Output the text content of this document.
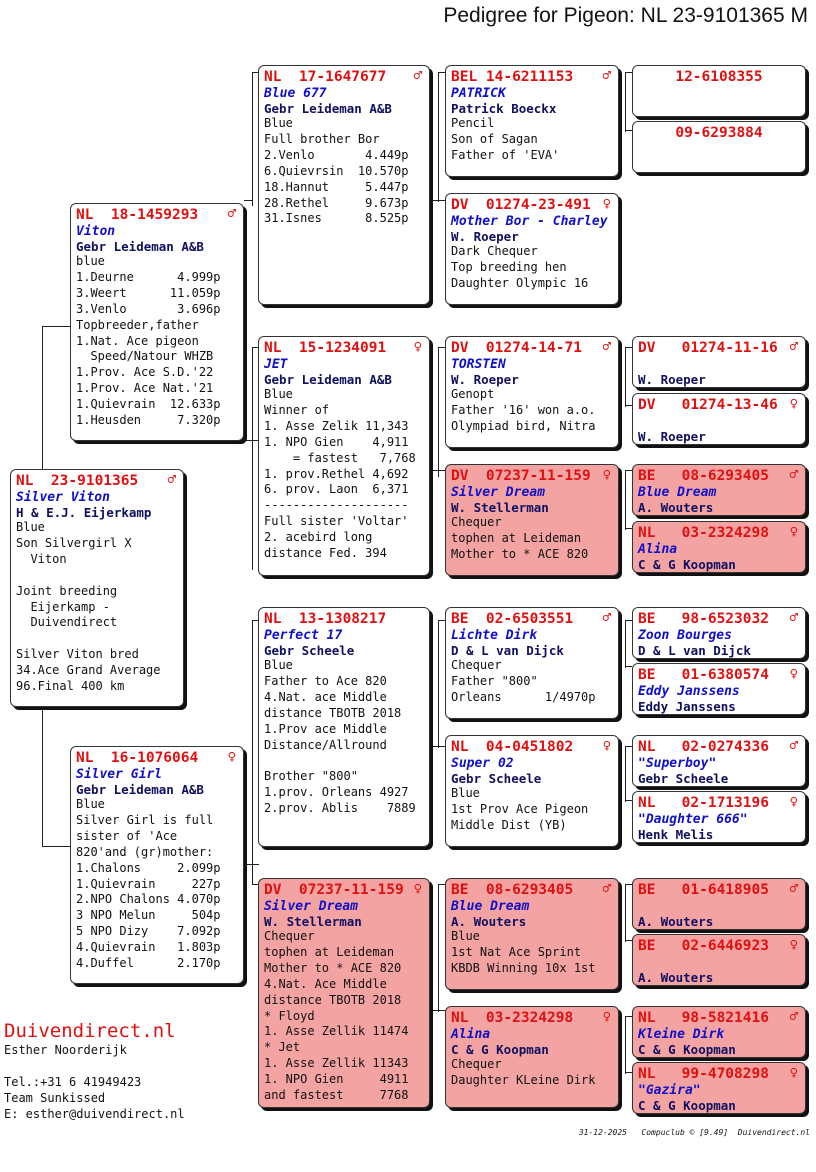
Pedigree for Pigeon: NL 23-9101365 M
NL  23-9101365	♂
Silver Viton
H & E.J. Eijerkamp
Blue
Son Silvergirl X
Viton

Joint breeding
Eijerkamp -
Duivendirect

Silver Viton bred
34.Ace Grand Average
96.Final 400 km
NL  18-1459293	♂
Viton
Gebr Leideman A&B
blue
1.Deurne      4.999p
3.Weert      11.059p
3.Venlo       3.696p
Topbreeder,father
1.Nat. Ace pigeon
Speed/Natour WHZB
1.Prov. Ace S.D.'22
1.Prov. Ace Nat.'21
1.Quievrain  12.633p
1.Heusden     7.320p
NL  16-1076064	♀
Silver Girl
Gebr Leideman A&B
Blue
Silver Girl is full
sister of 'Ace
820'and (gr)mother:
1.Chalons     2.099p
1.Quievrain     227p
2.NPO Chalons 4.070p
3 NPO Melun     504p
5 NPO Dizy    7.092p
4.Quievrain   1.803p
4.Duffel      2.170p
NL  17-1647677	♂
Blue 677
Gebr Leideman A&B
Blue
Full brother Bor
2.Venlo       4.449p
6.Quievrsin  10.570p
18.Hannut     5.447p
28.Rethel     9.673p
31.Isnes      8.525p
NL  15-1234091	♀
JET
Gebr Leideman A&B
Blue
Winner of
1. Asse Zelik 11,343
1. NPO Gien    4,911
= fastest   7,768
1. prov.Rethel 4,692
6. prov. Laon  6,371
--------------------
Full sister 'Voltar'
2. acebird long
distance Fed. 394
NL  13-1308217
Perfect 17
Gebr Scheele
Blue
Father to Ace 820
4.Nat. ace Middle
distance TBOTB 2018
1.Prov ace Middle
Distance/Allround

Brother "800"
1.prov. Orleans 4927
2.prov. Ablis    7889
DV  07237-11-159 ♀
Silver Dream
W. Stellerman
Chequer
tophen at Leideman
Mother to * ACE 820
4.Nat. Ace Middle
distance TBOTB 2018
* Floyd
1. Asse Zellik 11474
* Jet
1. Asse Zellik 11343
1. NPO Gien     4911
and fastest     7768
BEL 14-6211153	♂
PATRICK
Patrick Boeckx
Pencil
Son of Sagan
Father of 'EVA'
DV  01274-23-491 ♀
Mother Bor - Charley
W. Roeper
Dark Chequer
Top breeding hen
Daughter Olympic 16
DV  01274-14-71	♂
TORSTEN
W. Roeper
Genopt
Father '16' won a.o.
Olympiad bird, Nitra
DV  07237-11-159 ♀
Silver Dream
W. Stellerman
Chequer
tophen at Leideman
Mother to * ACE 820
BE  02-6503551	♂
Lichte Dirk
D & L van Dijck
Chequer
Father "800"
Orleans      1/4970p
NL  04-0451802	♀
Super 02
Gebr Scheele
Blue
1st Prov Ace Pigeon
Middle Dist (YB)
BE  08-6293405	♂
Blue Dream
A. Wouters
Blue
1st Nat Ace Sprint
KBDB Winning 10x 1st
NL  03-2324298	♀
Alina
C & G Koopman
Chequer
Daughter KLeine Dirk
12-6108355
09-6293884
DV   01274-11-16 ♂

W. Roeper
DV   01274-13-46 ♀

W. Roeper
BE   08-6293405	♂
Blue Dream
A. Wouters
NL   03-2324298	♀
Alina
C & G Koopman
BE   98-6523032	♂
Zoon Bourges
D & L van Dijck
BE   01-6380574	♀
Eddy Janssens
Eddy Janssens
NL   02-0274336	♂
"Superboy"
Gebr Scheele
NL   02-1713196	♀
"Daughter 666"
Henk Melis
BE   01-6418905	♂

A. Wouters
BE   02-6446923	♀

A. Wouters
NL   98-5821416	♂
Kleine Dirk
C & G Koopman
NL   99-4708298	♀
"Gazira"
C & G Koopman
Duivendirect.nl
Esther Noorderijk

Tel.:+31 6 41949423
Team Sunkissed
E: esther@duivendirect.nl
31-12-2025   Compuclub © [9.49]  Duivendirect.nl
